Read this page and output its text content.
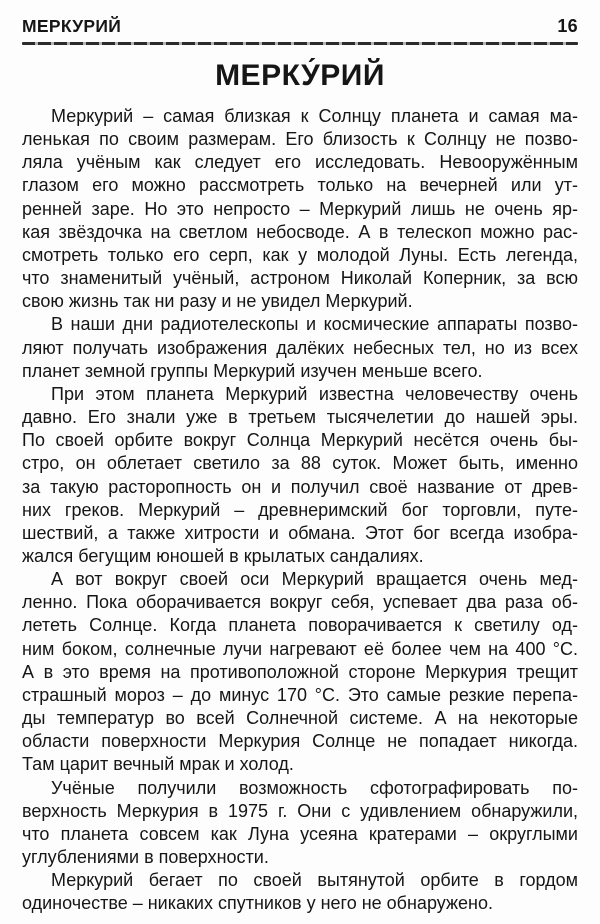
МЕРКУРИЙ	16
МЕРКУ́РИЙ
Меркурий – самая близкая к Солнцу планета и самая ма-
ленькая по своим размерам. Его близость к Солнцу не позво-
ляла учёным как следует его исследовать. Невооружённым
глазом его можно рассмотреть только на вечерней или ут-
ренней заре. Но это непросто – Меркурий лишь не очень яр-
кая звёздочка на светлом небосводе. А в телескоп можно рас-
смотреть только его серп, как у молодой Луны. Есть легенда,
что знаменитый учёный, астроном Николай Коперник, за всю
свою жизнь так ни разу и не увидел Меркурий.
В наши дни радиотелескопы и космические аппараты позво-
ляют получать изображения далёких небесных тел, но из всех
планет земной группы Меркурий изучен меньше всего.
При этом планета Меркурий известна человечеству очень
давно. Его знали уже в третьем тысячелетии до нашей эры.
По своей орбите вокруг Солнца Меркурий несётся очень бы-
стро, он облетает светило за 88 суток. Может быть, именно
за такую расторопность он и получил своё название от древ-
них греков. Меркурий – древнеримский бог торговли, путе-
шествий, а также хитрости и обмана. Этот бог всегда изобра-
жался бегущим юношей в крылатых сандалиях.
А вот вокруг своей оси Меркурий вращается очень мед-
ленно. Пока оборачивается вокруг себя, успевает два раза об-
лететь Солнце. Когда планета поворачивается к светилу од-
ним боком, солнечные лучи нагревают её более чем на 400 °С.
А в это время на противоположной стороне Меркурия трещит
страшный мороз – до минус 170 °С. Это самые резкие перепа-
ды температур во всей Солнечной системе. А на некоторые
области поверхности Меркурия Солнце не попадает никогда.
Там царит вечный мрак и холод.
Учёные получили возможность сфотографировать по-
верхность Меркурия в 1975 г. Они с удивлением обнаружили,
что планета совсем как Луна усеяна кратерами – округлыми
углублениями в поверхности.
Меркурий бегает по своей вытянутой орбите в гордом
одиночестве – никаких спутников у него не обнаружено.
